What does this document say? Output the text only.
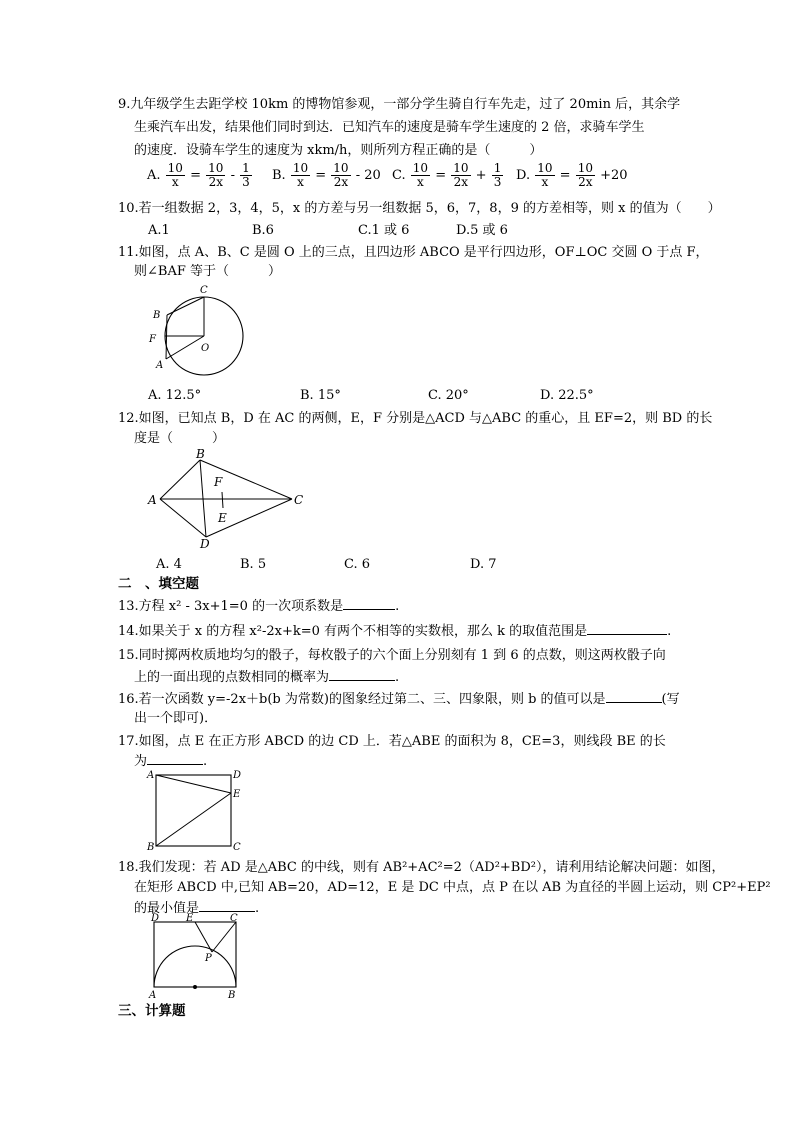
9.九年级学生去距学校 10km 的博物馆参观，一部分学生骑自行车先走，过了 20min 后，其余学
生乘汽车出发，结果他们同时到达．已知汽车的速度是骑车学生速度的 2 倍，求骑车学生
的速度．设骑车学生的速度为 xkm/h，则所列方程正确的是（　　　）
A. $\frac{10}{x} = \frac{10}{2x} - \frac{1}{3} B$. $\frac{10}{x} = \frac{10}{2x} - 20$ C. $\frac{10}{x} = \frac{10}{2x} + \frac{1}{3} D$. $\frac{10}{x} = \frac{10}{2x} +20$
10.若一组数据 2，3，4，5，x 的方差与另一组数据 5，6，7，8，9 的方差相等，则 x 的值为（　　）
A.1	B.6	C.1 或 6	D.5 或 6
11.如图，点 A、B、C 是圆 O 上的三点，且四边形 ABCO 是平行四边形，OF⊥OC 交圆 O 于点 F，
则∠BAF 等于（　　　）
C
B
F
O
A
A. 12.5°	B. 15°	C. 20°	D. 22.5°
12.如图，已知点 B，D 在 AC 的两侧，E，F 分别是△ACD 与△ABC 的重心，且 EF=2，则 BD 的长
度是（　　　）
B
A
F
E
C
D
A. 4	B. 5	C. 6	D. 7
二　、填空题
13.方程 x² - 3x+1=0 的一次项系数是	.
14.如果关于 x 的方程 x²-2x+k=0 有两个不相等的实数根，那么 k 的取值范围是	.
15.同时掷两枚质地均匀的骰子，每枚骰子的六个面上分别刻有 1 到 6 的点数，则这两枚骰子向
上的一面出现的点数相同的概率为	.
16.若一次函数 y=-2x＋b(b 为常数)的图象经过第二、三、四象限，则 b 的值可以是	(写
出一个即可)．
17.如图，点 E 在正方形 ABCD 的边 CD 上．若△ABE 的面积为 8，CE=3，则线段 BE 的长
为	.
A	D
E
B	C
18.我们发现：若 AD 是△ABC 的中线，则有 AB²+AC²=2（AD²+BD²），请利用结论解决问题：如图，
在矩形 ABCD 中,已知 AB=20，AD=12，E 是 DC 中点，点 P 在以 AB 为直径的半圆上运动，则 CP²+EP²
的最小值是	.
D	E	C
P
A	B
三、计算题
